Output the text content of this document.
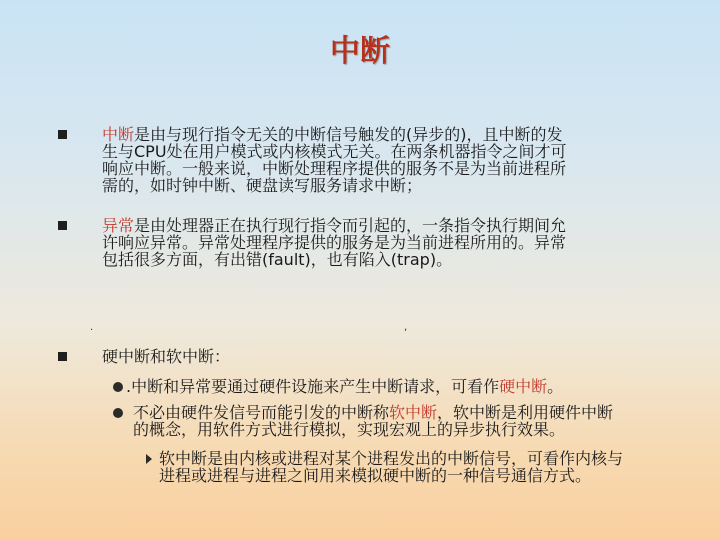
中断
中断是由与现行指令无关的中断信号触发的(异步的)，且中断的发
生与CPU处在用户模式或内核模式无关。在两条机器指令之间才可
响应中断。一般来说，中断处理程序提供的服务不是为当前进程所
需的，如时钟中断、硬盘读写服务请求中断；
异常是由处理器正在执行现行指令而引起的，一条指令执行期间允
许响应异常。异常处理程序提供的服务是为当前进程所用的。异常
包括很多方面，有出错(fault)，也有陷入(trap)。
.	,
硬中断和软中断：
.中断和异常要通过硬件设施来产生中断请求，可看作硬中断。
不必由硬件发信号而能引发的中断称软中断，软中断是利用硬件中断
的概念，用软件方式进行模拟，实现宏观上的异步执行效果。
软中断是由内核或进程对某个进程发出的中断信号，可看作内核与
进程或进程与进程之间用来模拟硬中断的一种信号通信方式。
